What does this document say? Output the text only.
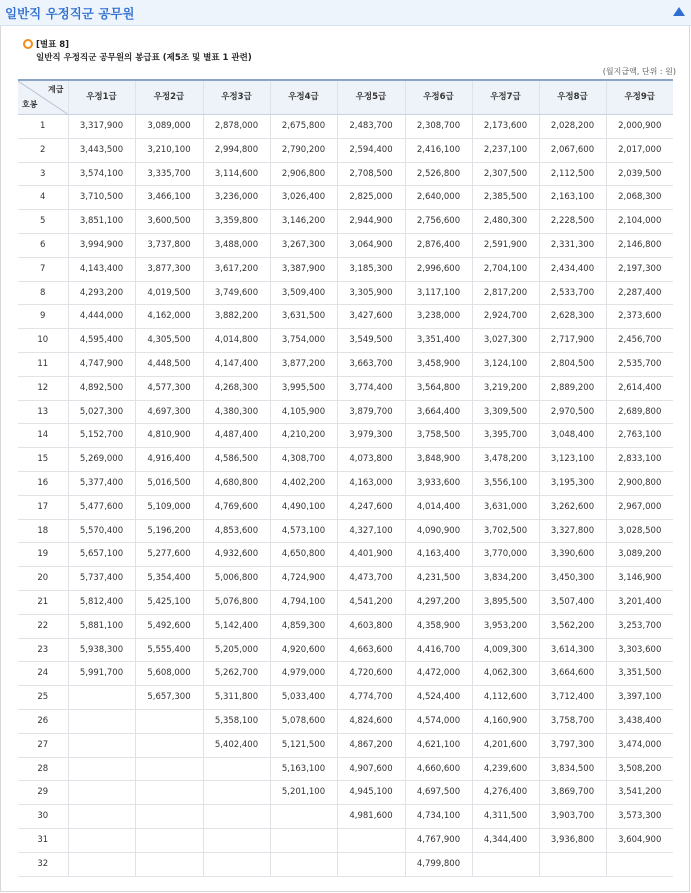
일반직 우정직군 공무원
[별표 8]
일반직 우정직군 공무원의 봉급표 (제5조 및 별표 1 관련)
(월지급액, 단위 : 원)
계급
호봉	우정1급	우정2급	우정3급	우정4급	우정5급	우정6급	우정7급	우정8급	우정9급
1	3,317,900	3,089,000	2,878,000	2,675,800	2,483,700	2,308,700	2,173,600	2,028,200	2,000,900
2	3,443,500	3,210,100	2,994,800	2,790,200	2,594,400	2,416,100	2,237,100	2,067,600	2,017,000
3	3,574,100	3,335,700	3,114,600	2,906,800	2,708,500	2,526,800	2,307,500	2,112,500	2,039,500
4	3,710,500	3,466,100	3,236,000	3,026,400	2,825,000	2,640,000	2,385,500	2,163,100	2,068,300
5	3,851,100	3,600,500	3,359,800	3,146,200	2,944,900	2,756,600	2,480,300	2,228,500	2,104,000
6	3,994,900	3,737,800	3,488,000	3,267,300	3,064,900	2,876,400	2,591,900	2,331,300	2,146,800
7	4,143,400	3,877,300	3,617,200	3,387,900	3,185,300	2,996,600	2,704,100	2,434,400	2,197,300
8	4,293,200	4,019,500	3,749,600	3,509,400	3,305,900	3,117,100	2,817,200	2,533,700	2,287,400
9	4,444,000	4,162,000	3,882,200	3,631,500	3,427,600	3,238,000	2,924,700	2,628,300	2,373,600
10	4,595,400	4,305,500	4,014,800	3,754,000	3,549,500	3,351,400	3,027,300	2,717,900	2,456,700
11	4,747,900	4,448,500	4,147,400	3,877,200	3,663,700	3,458,900	3,124,100	2,804,500	2,535,700
12	4,892,500	4,577,300	4,268,300	3,995,500	3,774,400	3,564,800	3,219,200	2,889,200	2,614,400
13	5,027,300	4,697,300	4,380,300	4,105,900	3,879,700	3,664,400	3,309,500	2,970,500	2,689,800
14	5,152,700	4,810,900	4,487,400	4,210,200	3,979,300	3,758,500	3,395,700	3,048,400	2,763,100
15	5,269,000	4,916,400	4,586,500	4,308,700	4,073,800	3,848,900	3,478,200	3,123,100	2,833,100
16	5,377,400	5,016,500	4,680,800	4,402,200	4,163,000	3,933,600	3,556,100	3,195,300	2,900,800
17	5,477,600	5,109,000	4,769,600	4,490,100	4,247,600	4,014,400	3,631,000	3,262,600	2,967,000
18	5,570,400	5,196,200	4,853,600	4,573,100	4,327,100	4,090,900	3,702,500	3,327,800	3,028,500
19	5,657,100	5,277,600	4,932,600	4,650,800	4,401,900	4,163,400	3,770,000	3,390,600	3,089,200
20	5,737,400	5,354,400	5,006,800	4,724,900	4,473,700	4,231,500	3,834,200	3,450,300	3,146,900
21	5,812,400	5,425,100	5,076,800	4,794,100	4,541,200	4,297,200	3,895,500	3,507,400	3,201,400
22	5,881,100	5,492,600	5,142,400	4,859,300	4,603,800	4,358,900	3,953,200	3,562,200	3,253,700
23	5,938,300	5,555,400	5,205,000	4,920,600	4,663,600	4,416,700	4,009,300	3,614,300	3,303,600
24	5,991,700	5,608,000	5,262,700	4,979,000	4,720,600	4,472,000	4,062,300	3,664,600	3,351,500
25		5,657,300	5,311,800	5,033,400	4,774,700	4,524,400	4,112,600	3,712,400	3,397,100
26			5,358,100	5,078,600	4,824,600	4,574,000	4,160,900	3,758,700	3,438,400
27			5,402,400	5,121,500	4,867,200	4,621,100	4,201,600	3,797,300	3,474,000
28				5,163,100	4,907,600	4,660,600	4,239,600	3,834,500	3,508,200
29				5,201,100	4,945,100	4,697,500	4,276,400	3,869,700	3,541,200
30					4,981,600	4,734,100	4,311,500	3,903,700	3,573,300
31						4,767,900	4,344,400	3,936,800	3,604,900
32						4,799,800			
